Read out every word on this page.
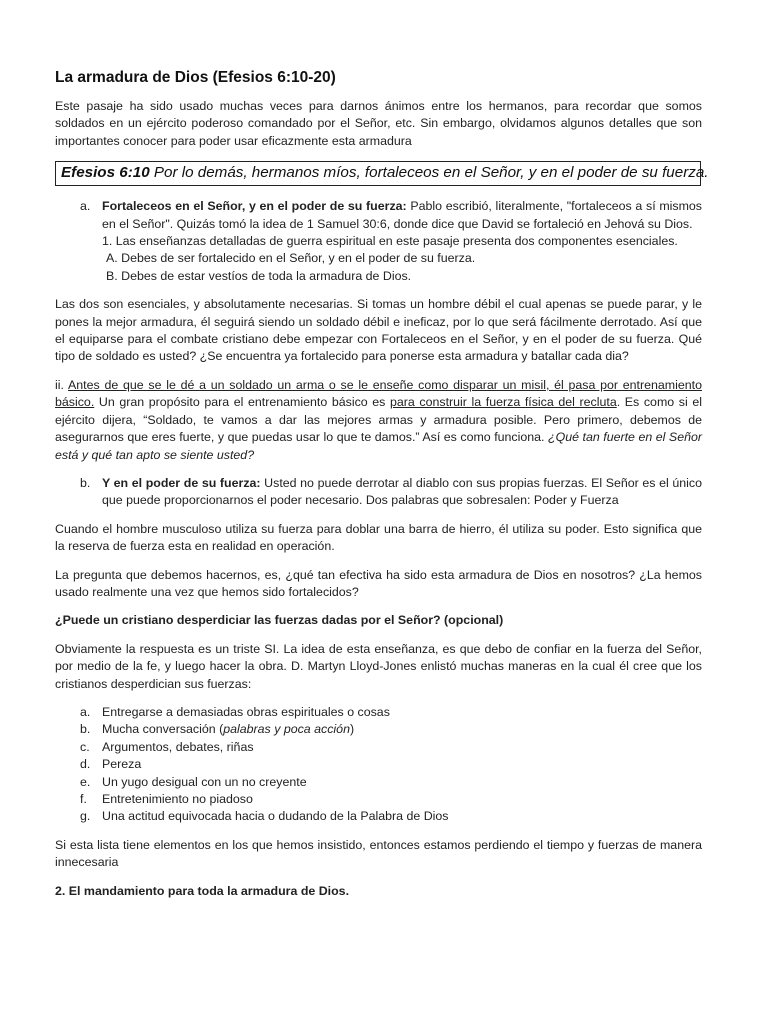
La armadura de Dios (Efesios 6:10-20)

Este pasaje ha sido usado muchas veces para darnos ánimos entre los hermanos, para recordar que somos soldados en un ejército poderoso comandado por el Señor, etc. Sin embargo, olvidamos algunos detalles que son importantes conocer para poder usar eficazmente esta armadura

Efesios 6:10 Por lo demás, hermanos míos, fortaleceos en el Señor, y en el poder de su fuerza.
a. Fortaleceos en el Señor, y en el poder de su fuerza: Pablo escribió, literalmente, "fortaleceos a sí mismos en el Señor". Quizás tomó la idea de 1 Samuel 30:6, donde dice que David se fortaleció en Jehová su Dios.
1. Las enseñanzas detalladas de guerra espiritual en este pasaje presenta dos componentes esenciales.
A. Debes de ser fortalecido en el Señor, y en el poder de su fuerza.
B. Debes de estar vestíos de toda la armadura de Dios.

Las dos son esenciales, y absolutamente necesarias. Si tomas un hombre débil el cual apenas se puede parar, y le pones la mejor armadura, él seguirá siendo un soldado débil e ineficaz, por lo que será fácilmente derrotado. Así que el equiparse para el combate cristiano debe empezar con Fortaleceos en el Señor, y en el poder de su fuerza. Qué tipo de soldado es usted? ¿Se encuentra ya fortalecido para ponerse esta armadura y batallar cada dia?

ii. Antes de que se le dé a un soldado un arma o se le enseñe como disparar un misil, él pasa por entrenamiento básico. Un gran propósito para el entrenamiento básico es para construir la fuerza física del recluta. Es como si el ejército dijera, “Soldado, te vamos a dar las mejores armas y armadura posible. Pero primero, debemos de asegurarnos que eres fuerte, y que puedas usar lo que te damos.” Así es como funciona. ¿Qué tan fuerte en el Señor está y qué tan apto se siente usted?

b. Y en el poder de su fuerza: Usted no puede derrotar al diablo con sus propias fuerzas. El Señor es el único que puede proporcionarnos el poder necesario. Dos palabras que sobresalen: Poder y Fuerza

Cuando el hombre musculoso utiliza su fuerza para doblar una barra de hierro, él utiliza su poder. Esto significa que la reserva de fuerza esta en realidad en operación.

La pregunta que debemos hacernos, es, ¿qué tan efectiva ha sido esta armadura de Dios en nosotros? ¿La hemos usado realmente una vez que hemos sido fortalecidos?

¿Puede un cristiano desperdiciar las fuerzas dadas por el Señor? (opcional)

Obviamente la respuesta es un triste SI. La idea de esta enseñanza, es que debo de confiar en la fuerza del Señor, por medio de la fe, y luego hacer la obra. D. Martyn Lloyd-Jones enlistó muchas maneras en la cual él cree que los cristianos desperdician sus fuerzas:

a. Entregarse a demasiadas obras espirituales o cosas
b. Mucha conversación (palabras y poca acción)
c. Argumentos, debates, riñas
d. Pereza
e. Un yugo desigual con un no creyente
f. Entretenimiento no piadoso
g. Una actitud equivocada hacia o dudando de la Palabra de Dios

Si esta lista tiene elementos en los que hemos insistido, entonces estamos perdiendo el tiempo y fuerzas de manera innecesaria

2. El mandamiento para toda la armadura de Dios.
